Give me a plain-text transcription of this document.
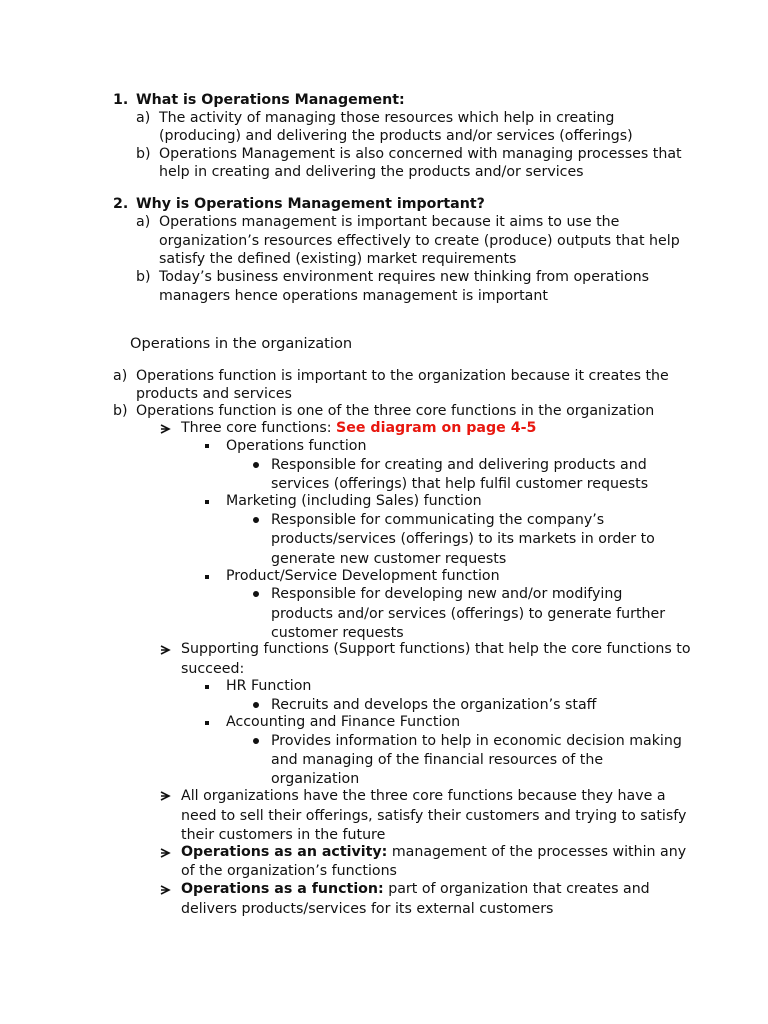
1. What is Operations Management:
a) The activity of managing those resources which help in creating
(producing) and delivering the products and/or services (offerings)
b) Operations Management is also concerned with managing processes that
help in creating and delivering the products and/or services
2. Why is Operations Management important?
a) Operations management is important because it aims to use the
organization’s resources effectively to create (produce) outputs that help
satisfy the defined (existing) market requirements
b) Today’s business environment requires new thinking from operations
managers hence operations management is important
Operations in the organization
a) Operations function is important to the organization because it creates the
products and services
b) Operations function is one of the three core functions in the organization
Three core functions: See diagram on page 4-5
Operations function
Responsible for creating and delivering products and
services (offerings) that help fulfil customer requests
Marketing (including Sales) function
Responsible for communicating the company’s
products/services (offerings) to its markets in order to
generate new customer requests
Product/Service Development function
Responsible for developing new and/or modifying
products and/or services (offerings) to generate further
customer requests
Supporting functions (Support functions) that help the core functions to
succeed:
HR Function
Recruits and develops the organization’s staff
Accounting and Finance Function
Provides information to help in economic decision making
and managing of the financial resources of the
organization
All organizations have the three core functions because they have a
need to sell their offerings, satisfy their customers and trying to satisfy
their customers in the future
Operations as an activity: management of the processes within any
of the organization’s functions
Operations as a function: part of organization that creates and
delivers products/services for its external customers
